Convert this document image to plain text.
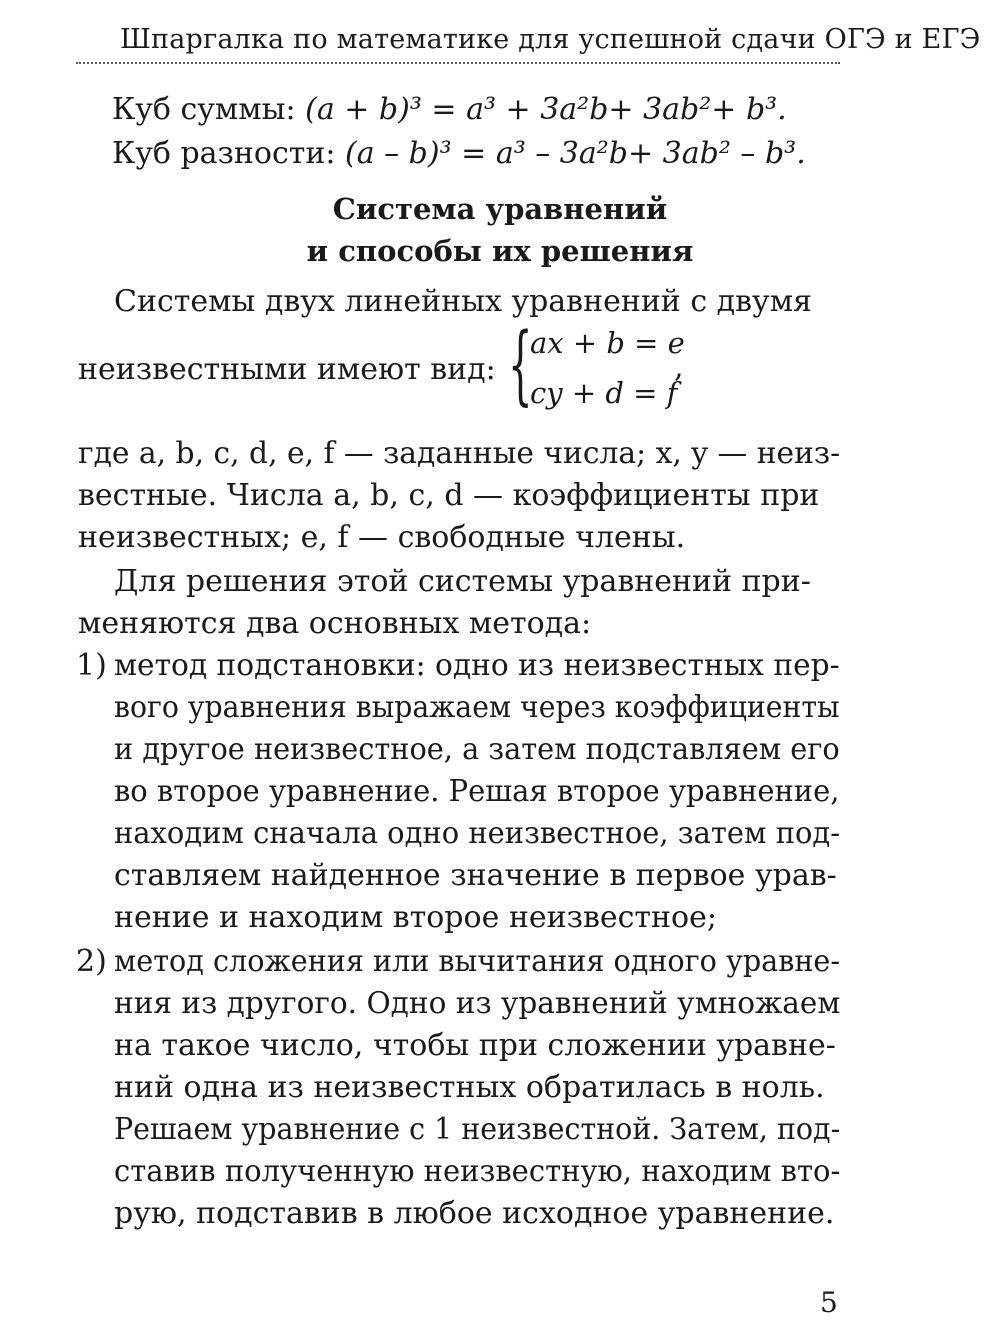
Шпаргалка по математике для успешной сдачи ОГЭ и ЕГЭ
Куб суммы: (a + b)³ = a³ + 3a²b+ 3ab²+ b³.
Куб разности: (a – b)³ = a³ – 3a²b+ 3ab² – b³.
Система уравнений
и способы их решения
Системы двух линейных уравнений с двумя
неизвестными имеют вид: {
ax + b = e
cy + d = f
,
где a, b, c, d, e, f — заданные числа; x, y — неиз-
вестные. Числа a, b, c, d — коэффициенты при
неизвестных; e, f — свободные члены.
Для решения этой системы уравнений при-
меняются два основных метода:
1) метод подстановки: одно из неизвестных пер-
вого уравнения выражаем через коэффициенты
и другое неизвестное, а затем подставляем его
во второе уравнение. Решая второе уравнение,
находим сначала одно неизвестное, затем под-
ставляем найденное значение в первое урав-
нение и находим второе неизвестное;
2) метод сложения или вычитания одного уравне-
ния из другого. Одно из уравнений умножаем
на такое число, чтобы при сложении уравне-
ний одна из неизвестных обратилась в ноль.
Решаем уравнение с 1 неизвестной. Затем, под-
ставив полученную неизвестную, находим вто-
рую, подставив в любое исходное уравнение.
5
